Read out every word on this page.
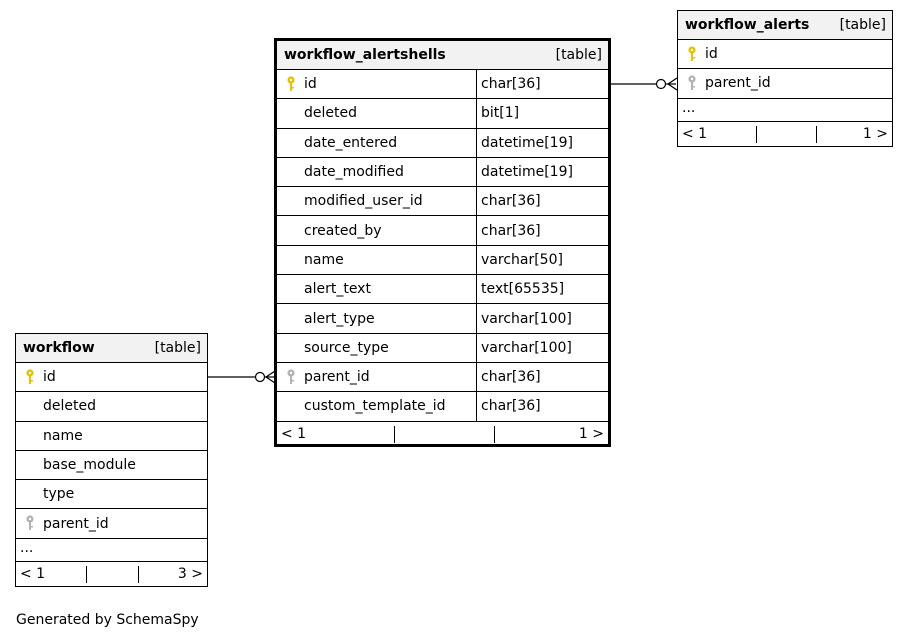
workflow_alertshells	[table]
id	char[36]
deleted	bit[1]
date_entered	datetime[19]
date_modified	datetime[19]
modified_user_id	char[36]
created_by	char[36]
name	varchar[50]
alert_text	text[65535]
alert_type	varchar[100]
source_type	varchar[100]
parent_id	char[36]
custom_template_id	char[36]
< 1	1 >
workflow_alerts [table]
id
parent_id
...
< 1	1 >
workflow	[table]
id
deleted
name
base_module
type
parent_id
...
< 1	3 >
Generated by SchemaSpy
